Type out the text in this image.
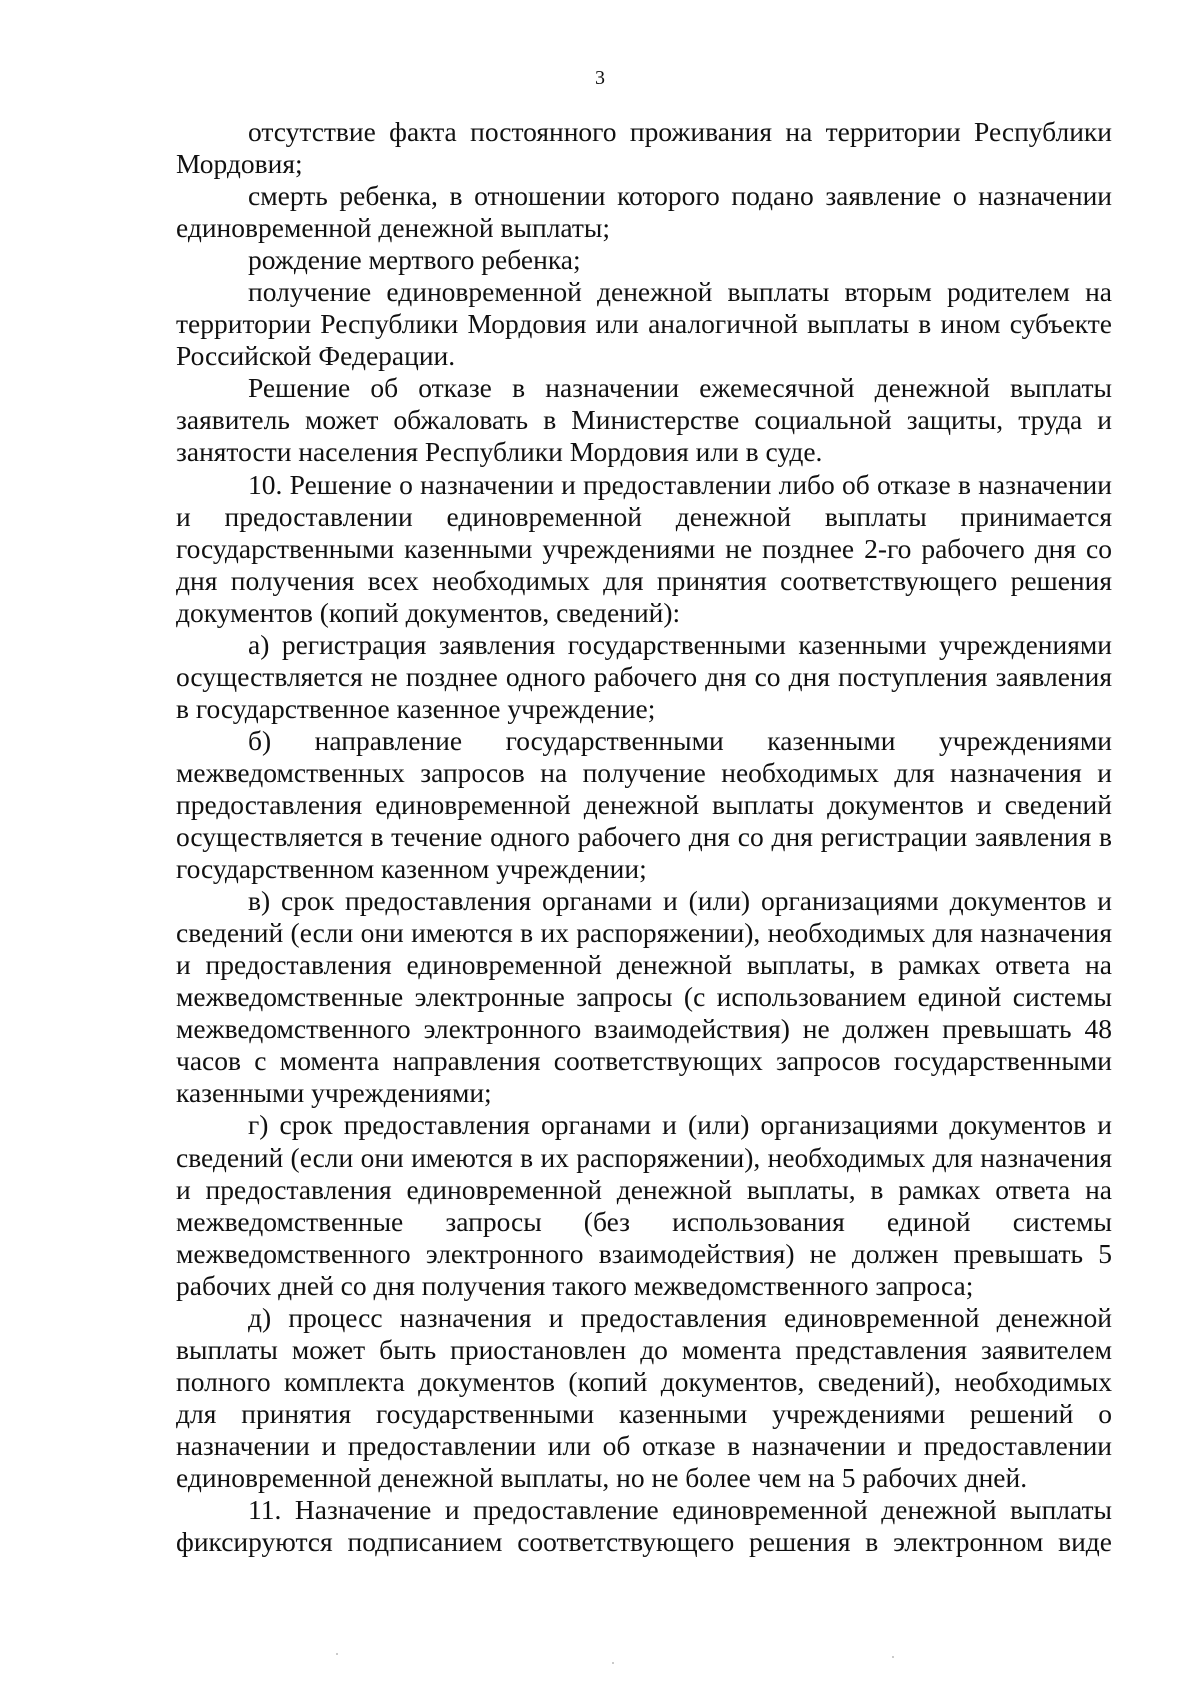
3

отсутствие факта постоянного проживания на территории Республики Мордовия;

смерть ребенка, в отношении которого подано заявление о назначении единовременной денежной выплаты;

рождение мертвого ребенка;

получение единовременной денежной выплаты вторым родителем на территории Республики Мордовия или аналогичной выплаты в ином субъекте Российской Федерации.

Решение об отказе в назначении ежемесячной денежной выплаты заявитель может обжаловать в Министерстве социальной защиты, труда и занятости населения Республики Мордовия или в суде.

10. Решение о назначении и предоставлении либо об отказе в назначении и предоставлении единовременной денежной выплаты принимается государственными казенными учреждениями не позднее 2-го рабочего дня со дня получения всех необходимых для принятия соответствующего решения документов (копий документов, сведений):

а) регистрация заявления государственными казенными учреждениями осуществляется не позднее одного рабочего дня со дня поступления заявления в государственное казенное учреждение;

б) направление государственными казенными учреждениями межведомственных запросов на получение необходимых для назначения и предоставления единовременной денежной выплаты документов и сведений осуществляется в течение одного рабочего дня со дня регистрации заявления в государственном казенном учреждении;

в) срок предоставления органами и (или) организациями документов и сведений (если они имеются в их распоряжении), необходимых для назначения и предоставления единовременной денежной выплаты, в рамках ответа на межведомственные электронные запросы (с использованием единой системы межведомственного электронного взаимодействия) не должен превышать 48 часов с момента направления соответствующих запросов государственными казенными учреждениями;

г) срок предоставления органами и (или) организациями документов и сведений (если они имеются в их распоряжении), необходимых для назначения и предоставления единовременной денежной выплаты, в рамках ответа на межведомственные запросы (без использования единой системы межведомственного электронного взаимодействия) не должен превышать 5 рабочих дней со дня получения такого межведомственного запроса;

д) процесс назначения и предоставления единовременной денежной выплаты может быть приостановлен до момента представления заявителем полного комплекта документов (копий документов, сведений), необходимых для принятия государственными казенными учреждениями решений о назначении и предоставлении или об отказе в назначении и предоставлении единовременной денежной выплаты, но не более чем на 5 рабочих дней.

11. Назначение и предоставление единовременной денежной выплаты фиксируются подписанием соответствующего решения в электронном виде
